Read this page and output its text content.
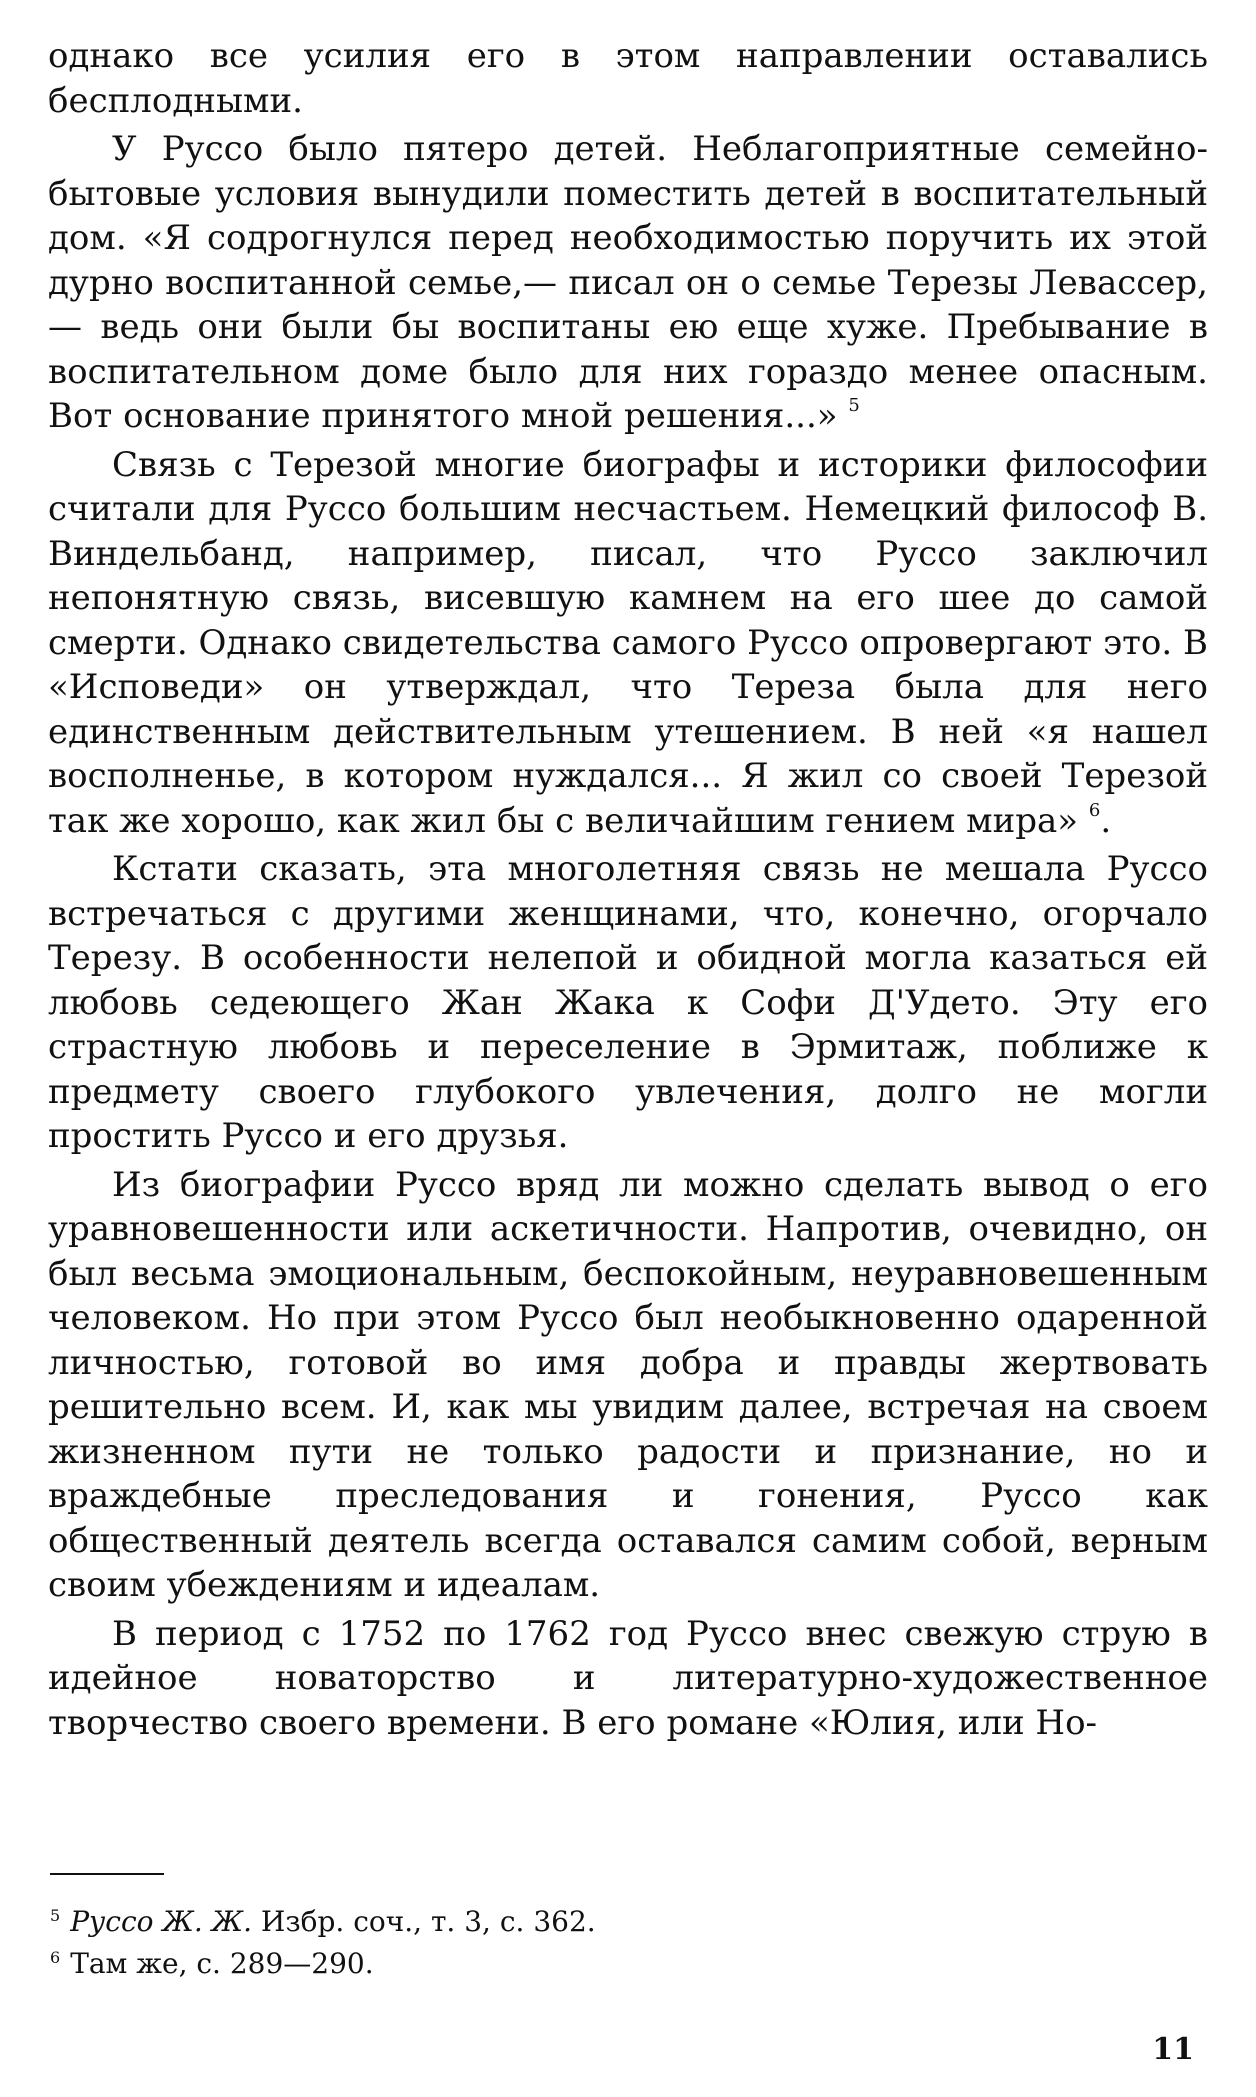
однако все усилия его в этом направлении оставались бесплодными.

У Руссо было пятеро детей. Неблагоприятные семейно-бытовые условия вынудили поместить детей в воспитательный дом. «Я содрогнулся перед необходимостью поручить их этой дурно воспитанной семье,— писал он о семье Терезы Левассер,— ведь они были бы воспитаны ею еще хуже. Пребывание в воспитательном доме было для них гораздо менее опасным. Вот основание принятого мной решения...» $^5$

Связь с Терезой многие биографы и историки философии считали для Руссо большим несчастьем. Немецкий философ В. Виндельбанд, например, писал, что Руссо заключил непонятную связь, висевшую камнем на его шее до самой смерти. Однако свидетельства самого Руссо опровергают это. В «Исповеди» он утверждал, что Тереза была для него единственным действительным утешением. В ней «я нашел восполненье, в котором нуждался... Я жил со своей Терезой так же хорошо, как жил бы с величайшим гением мира» $^6$.

Кстати сказать, эта многолетняя связь не мешала Руссо встречаться с другими женщинами, что, конечно, огорчало Терезу. В особенности нелепой и обидной могла казаться ей любовь седеющего Жан Жака к Софи Д'Удето. Эту его страстную любовь и переселение в Эрмитаж, поближе к предмету своего глубокого увлечения, долго не могли простить Руссо и его друзья.

Из биографии Руссо вряд ли можно сделать вывод о его уравновешенности или аскетичности. Напротив, очевидно, он был весьма эмоциональным, беспокойным, неуравновешенным человеком. Но при этом Руссо был необыкновенно одаренной личностью, готовой во имя добра и правды жертвовать решительно всем. И, как мы увидим далее, встречая на своем жизненном пути не только радости и признание, но и враждебные преследования и гонения, Руссо как общественный деятель всегда оставался самим собой, верным своим убеждениям и идеалам.

В период с 1752 по 1762 год Руссо внес свежую струю в идейное новаторство и литературно-художественное творчество своего времени. В его романе «Юлия, или Но-

$^5$ Руссо Ж. Ж. Избр. соч., т. 3, с. 362.
$^6$ Там же, с. 289—290.
11
